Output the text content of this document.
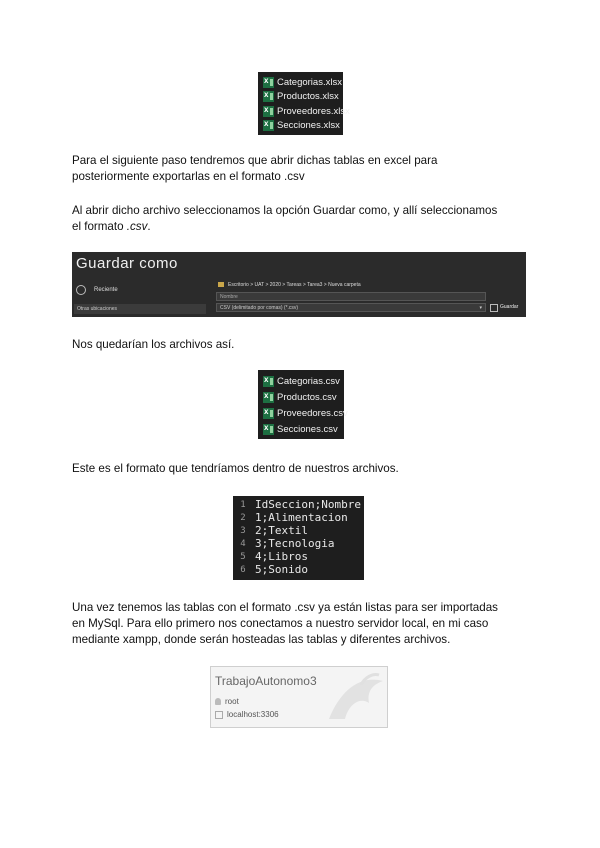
x
Categorias.xlsx
x
Productos.xlsx
x
Proveedores.xlsx
x
Secciones.xlsx
Para el siguiente paso tendremos que abrir dichas tablas en excel para
posteriormente exportarlas en el formato .csv
Al abrir dicho archivo seleccionamos la opción Guardar como, y allí seleccionamos
el formato .csv.
Guardar como
Reciente
Otras ubicaciones
Escritorio > UAT > 2020 > Tareas > Tarea3 > Nueva carpeta
Nombre
CSV (delimitado por comas) (*.csv)	▾	Guardar
Nos quedarían los archivos así.
x
Categorias.csv
x
Productos.csv
x
Proveedores.csv
x
Secciones.csv
Este es el formato que tendríamos dentro de nuestros archivos.
1 IdSeccion;Nombre
2 1;Alimentacion
3 2;Textil
4 3;Tecnologia
5 4;Libros
6 5;Sonido
Una vez tenemos las tablas con el formato .csv ya están listas para ser importadas
en MySql. Para ello primero nos conectamos a nuestro servidor local, en mi caso
mediante xampp, donde serán hosteadas las tablas y diferentes archivos.
TrabajoAutonomo3
root
localhost:3306
